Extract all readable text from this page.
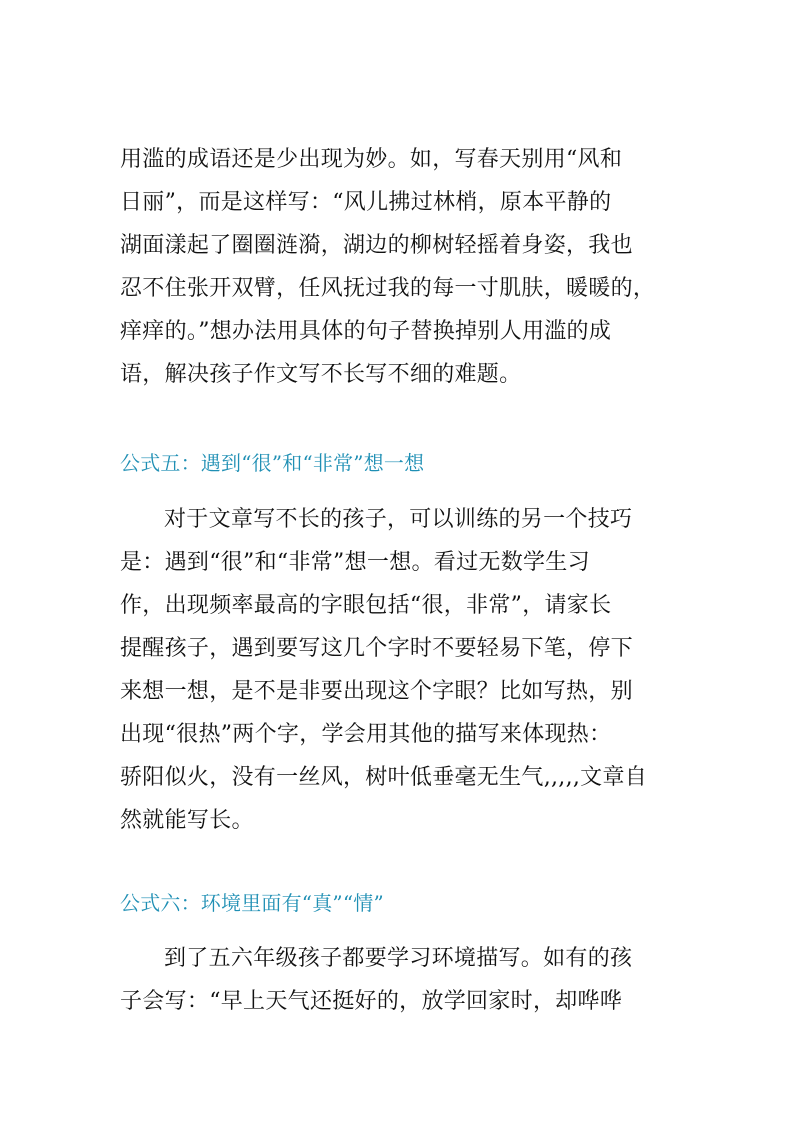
用滥的成语还是少出现为妙。如，写春天别用“风和
日丽”，而是这样写：“风儿拂过林梢，原本平静的
湖面漾起了圈圈涟漪，湖边的柳树轻摇着身姿，我也
忍不住张开双臂，任风抚过我的每一寸肌肤，暖暖的，
痒痒的。”想办法用具体的句子替换掉别人用滥的成
语，解决孩子作文写不长写不细的难题。
公式五：遇到“很”和“非常”想一想
对于文章写不长的孩子，可以训练的另一个技巧
是：遇到“很”和“非常”想一想。看过无数学生习
作，出现频率最高的字眼包括“很，非常”，请家长
提醒孩子，遇到要写这几个字时不要轻易下笔，停下
来想一想，是不是非要出现这个字眼？比如写热，别
出现“很热”两个字，学会用其他的描写来体现热：
骄阳似火，没有一丝风，树叶低垂毫无生气,,,,,文章自
然就能写长。
公式六：环境里面有“真”“情”
到了五六年级孩子都要学习环境描写。如有的孩
子会写：“早上天气还挺好的，放学回家时，却哗哗
